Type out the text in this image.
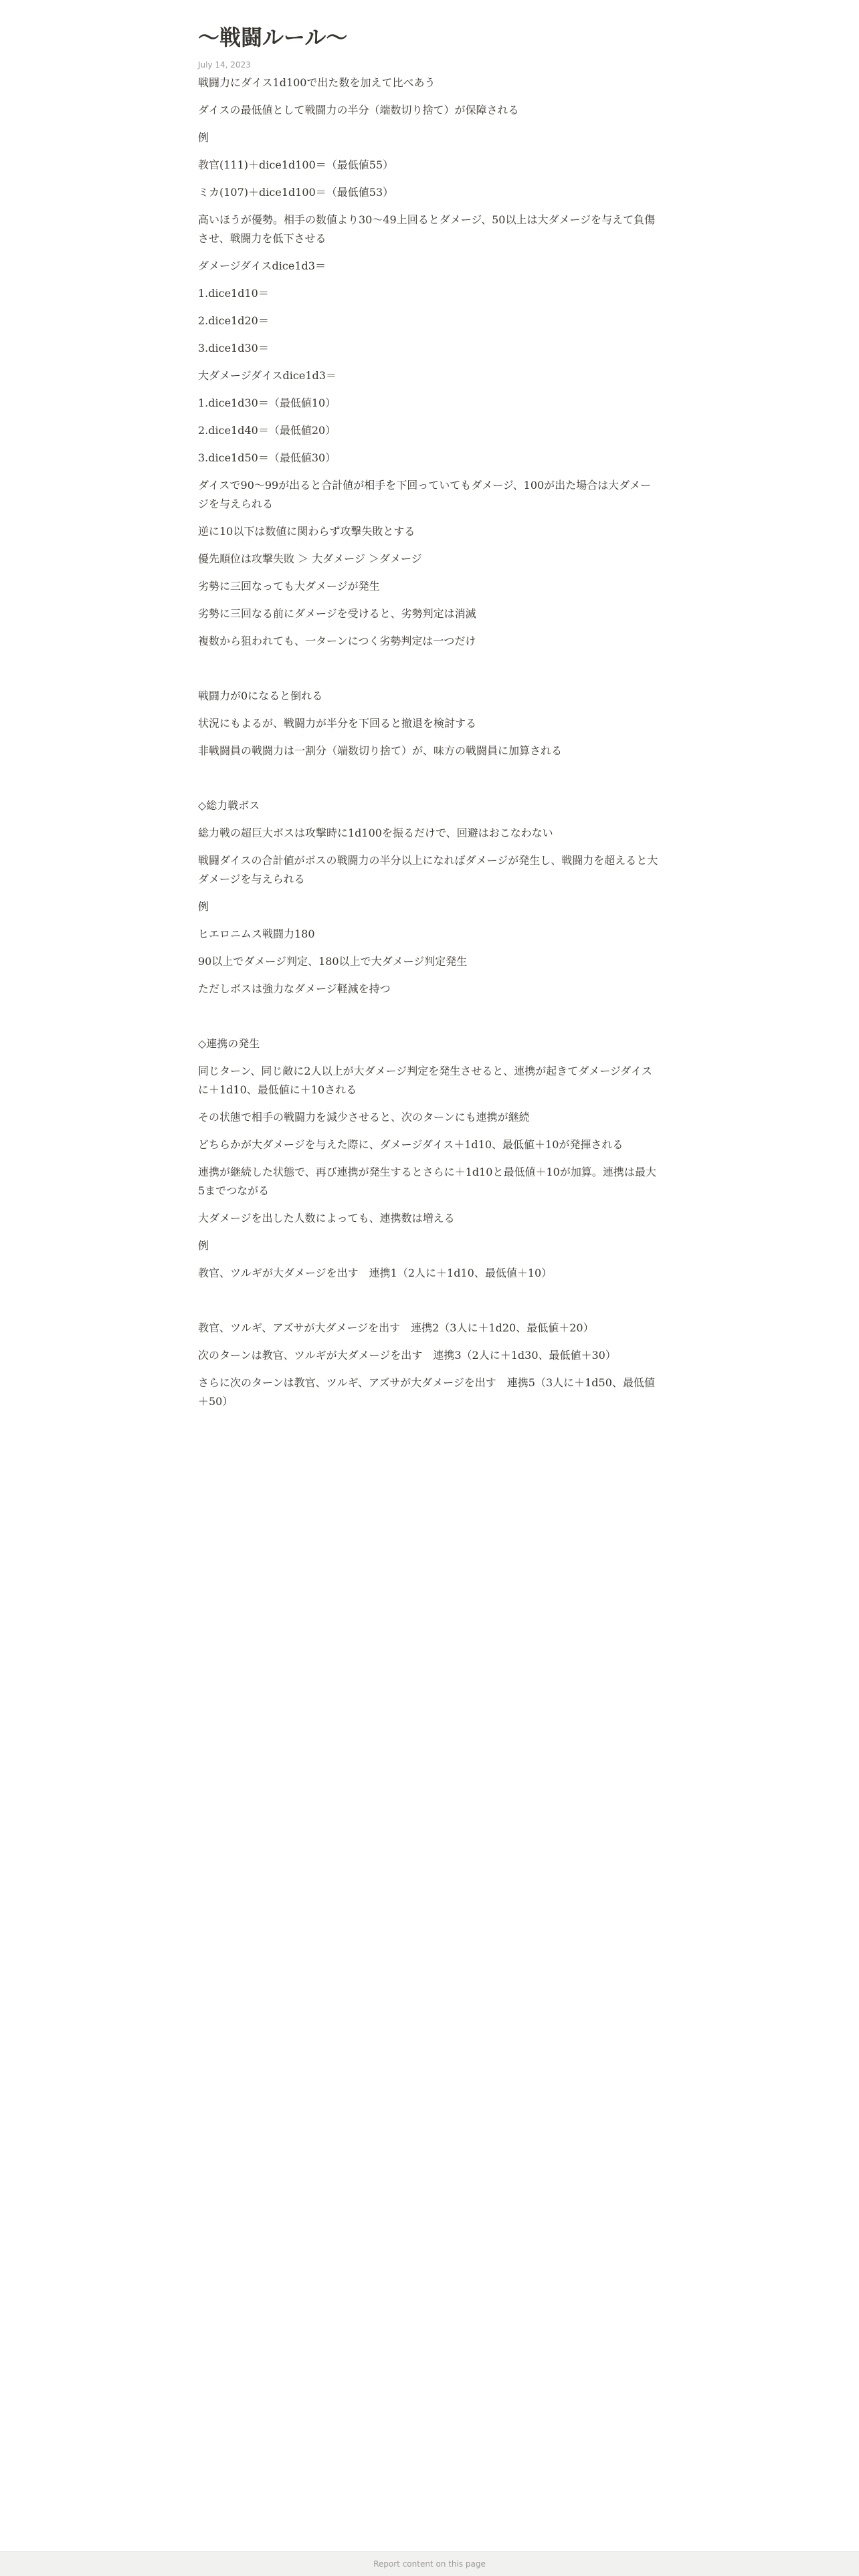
〜戦闘ルール〜
July 14, 2023

戦闘力にダイス1d100で出た数を加えて比べあう

ダイスの最低値として戦闘力の半分（端数切り捨て）が保障される

例

教官(111)＋dice1d100＝（最低値55）

ミカ(107)＋dice1d100＝（最低値53）

高いほうが優勢。相手の数値より30〜49上回るとダメージ、50以上は大ダメージを与えて負傷させ、戦闘力を低下させる

ダメージダイスdice1d3＝

1.dice1d10＝

2.dice1d20＝

3.dice1d30＝

大ダメージダイスdice1d3＝

1.dice1d30＝（最低値10）

2.dice1d40＝（最低値20）

3.dice1d50＝（最低値30）

ダイスで90〜99が出ると合計値が相手を下回っていてもダメージ、100が出た場合は大ダメージを与えられる

逆に10以下は数値に関わらず攻撃失敗とする

優先順位は攻撃失敗 ＞ 大ダメージ ＞ダメージ

劣勢に三回なっても大ダメージが発生

劣勢に三回なる前にダメージを受けると、劣勢判定は消滅

複数から狙われても、一ターンにつく劣勢判定は一つだけ

戦闘力が0になると倒れる

状況にもよるが、戦闘力が半分を下回ると撤退を検討する

非戦闘員の戦闘力は一割分（端数切り捨て）が、味方の戦闘員に加算される

◇総力戦ボス

総力戦の超巨大ボスは攻撃時に1d100を振るだけで、回避はおこなわない

戦闘ダイスの合計値がボスの戦闘力の半分以上になればダメージが発生し、戦闘力を超えると大ダメージを与えられる

例

ヒエロニムス戦闘力180

90以上でダメージ判定、180以上で大ダメージ判定発生

ただしボスは強力なダメージ軽減を持つ

◇連携の発生

同じターン、同じ敵に2人以上が大ダメージ判定を発生させると、連携が起きてダメージダイスに＋1d10、最低値に＋10される

その状態で相手の戦闘力を減少させると、次のターンにも連携が継続

どちらかが大ダメージを与えた際に、ダメージダイス＋1d10、最低値＋10が発揮される

連携が継続した状態で、再び連携が発生するとさらに＋1d10と最低値＋10が加算。連携は最大5までつながる

大ダメージを出した人数によっても、連携数は増える

例

教官、ツルギが大ダメージを出す　連携1（2人に＋1d10、最低値＋10）

教官、ツルギ、アズサが大ダメージを出す　連携2（3人に＋1d20、最低値＋20）

次のターンは教官、ツルギが大ダメージを出す　連携3（2人に＋1d30、最低値＋30）

さらに次のターンは教官、ツルギ、アズサが大ダメージを出す　連携5（3人に＋1d50、最低値＋50）

Report content on this page
